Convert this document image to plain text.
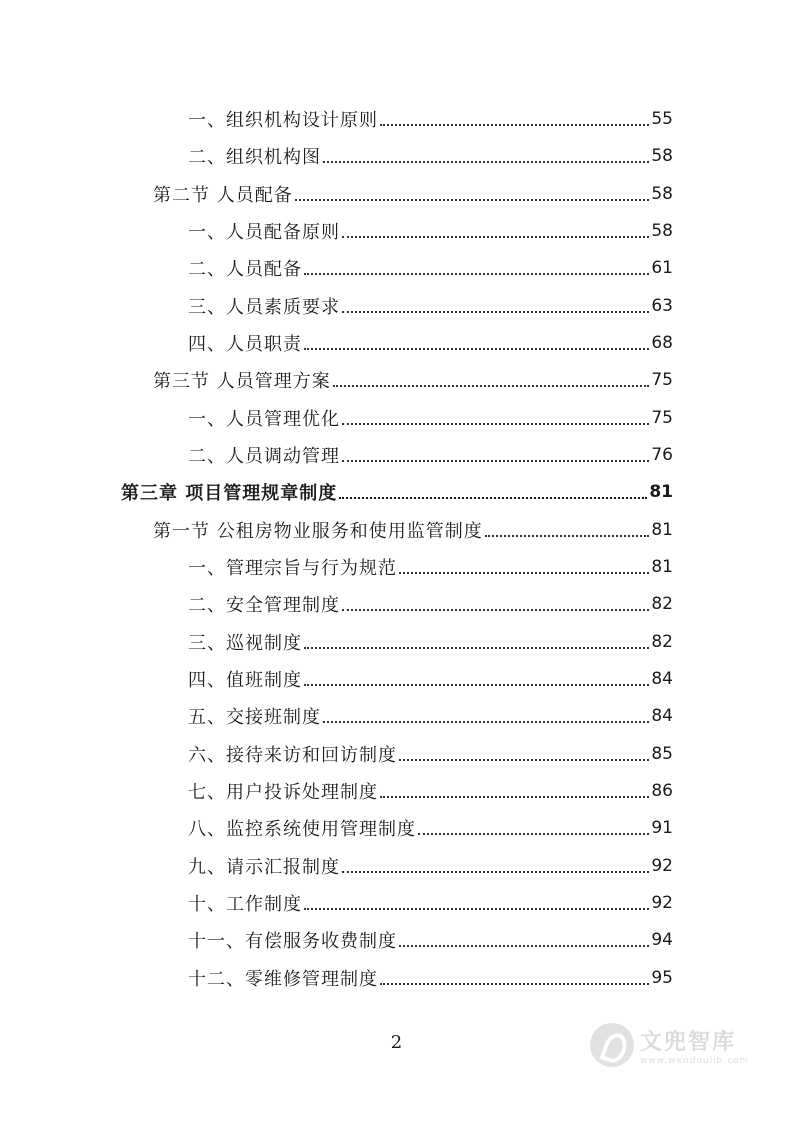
一、组织机构设计原则	55
二、组织机构图	58
第二节 人员配备	58
一、人员配备原则	58
二、人员配备	61
三、人员素质要求	63
四、人员职责	68
第三节 人员管理方案	75
一、人员管理优化	75
二、人员调动管理	76
第三章 项目管理规章制度	81
第一节 公租房物业服务和使用监管制度	81
一、管理宗旨与行为规范	81
二、安全管理制度	82
三、巡视制度	82
四、值班制度	84
五、交接班制度	84
六、接待来访和回访制度	85
七、用户投诉处理制度	86
八、监控系统使用管理制度	91
九、请示汇报制度	92
十、工作制度	92
十一、有偿服务收费制度	94
十二、零维修管理制度	95
2	文兜智库
www.wendoulib.com
